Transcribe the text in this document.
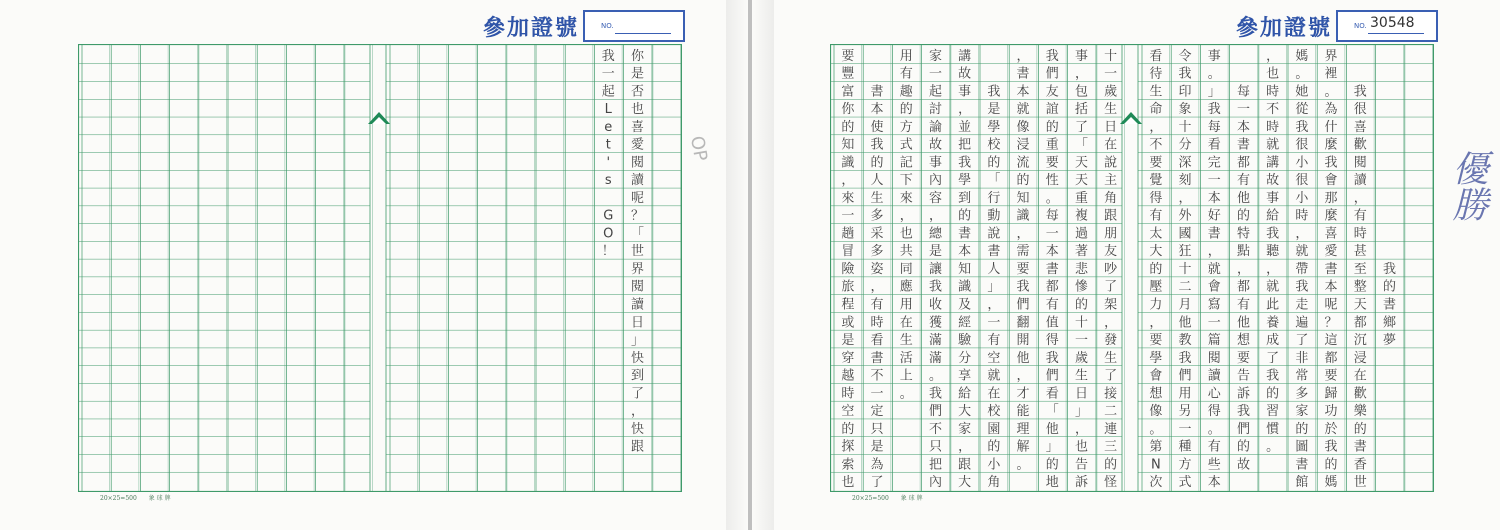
參加證號	NO.
你
是
否
也
喜
愛
閱
讀
呢
？
「
世
界
閱
讀
日
」
快
到
了
，
快
跟
我
一
起
L
e
t
'
s
G
O
！
20×25=500　　象 球 牌
OP
參加證號	NO. 30548
我
的
書
鄉
夢
我
很
喜
歡
閱
讀
，
有
時
甚
至
整
天
都
沉
浸
在
歡
樂
的
書
香
世
界
裡
。
為
什
麼
我
會
那
麼
喜
愛
書
本
呢
？
這
都
要
歸
功
於
我
的
媽
媽
。
她
從
我
很
小
很
小
時
，
就
帶
我
走
遍
了
非
常
多
家
的
圖
書
館
，
也
時
不
時
就
講
故
事
給
我
聽
，
就
此
養
成
了
我
的
習
慣
。
每
一
本
書
都
有
他
的
特
點
，
都
有
他
想
要
告
訴
我
們
的
故
事
。
」
我
每
看
完
一
本
好
書
，
就
會
寫
一
篇
閱
讀
心
得
。
有
些
本
令
我
印
象
十
分
深
刻
，
外
國
狂
十
二
月
他
教
我
們
用
另
一
種
方
式
看
待
生
命
，
不
要
覺
得
有
太
大
的
壓
力
，
要
學
會
想
像
。
第
N
次
十
一
歲
生
日
在
說
主
角
跟
朋
友
吵
了
架
，
發
生
了
接
二
連
三
的
怪
事
，
包
括
了
「
天
天
重
複
過
著
悲
慘
的
十
一
歲
生
日
」
，
也
告
訴
我
們
友
誼
的
重
要
性
。
每
一
本
書
都
有
值
得
我
們
看
「
他
」
的
地
，
書
本
就
像
浸
流
的
知
識
，
需
要
我
們
翻
開
他
，
才
能
理
解
。
我
是
學
校
的
「
行
動
說
書
人
」
，
一
有
空
就
在
校
園
的
小
角
講
故
事
，
並
把
我
學
到
的
書
本
知
識
及
經
驗
分
享
給
大
家
，
跟
大
家
一
起
討
論
故
事
內
容
，
總
是
讓
我
收
獲
滿
滿
。
我
們
不
只
把
內
用
有
趣
的
方
式
記
下
來
，
也
共
同
應
用
在
生
活
上
。
書
本
使
我
的
人
生
多
采
多
姿
，
有
時
看
書
不
一
定
只
是
為
了
要
豐
富
你
的
知
識
，
來
一
趟
冒
險
旅
程
或
是
穿
越
時
空
的
探
索
也
20×25=500　　象 球 牌
優勝
